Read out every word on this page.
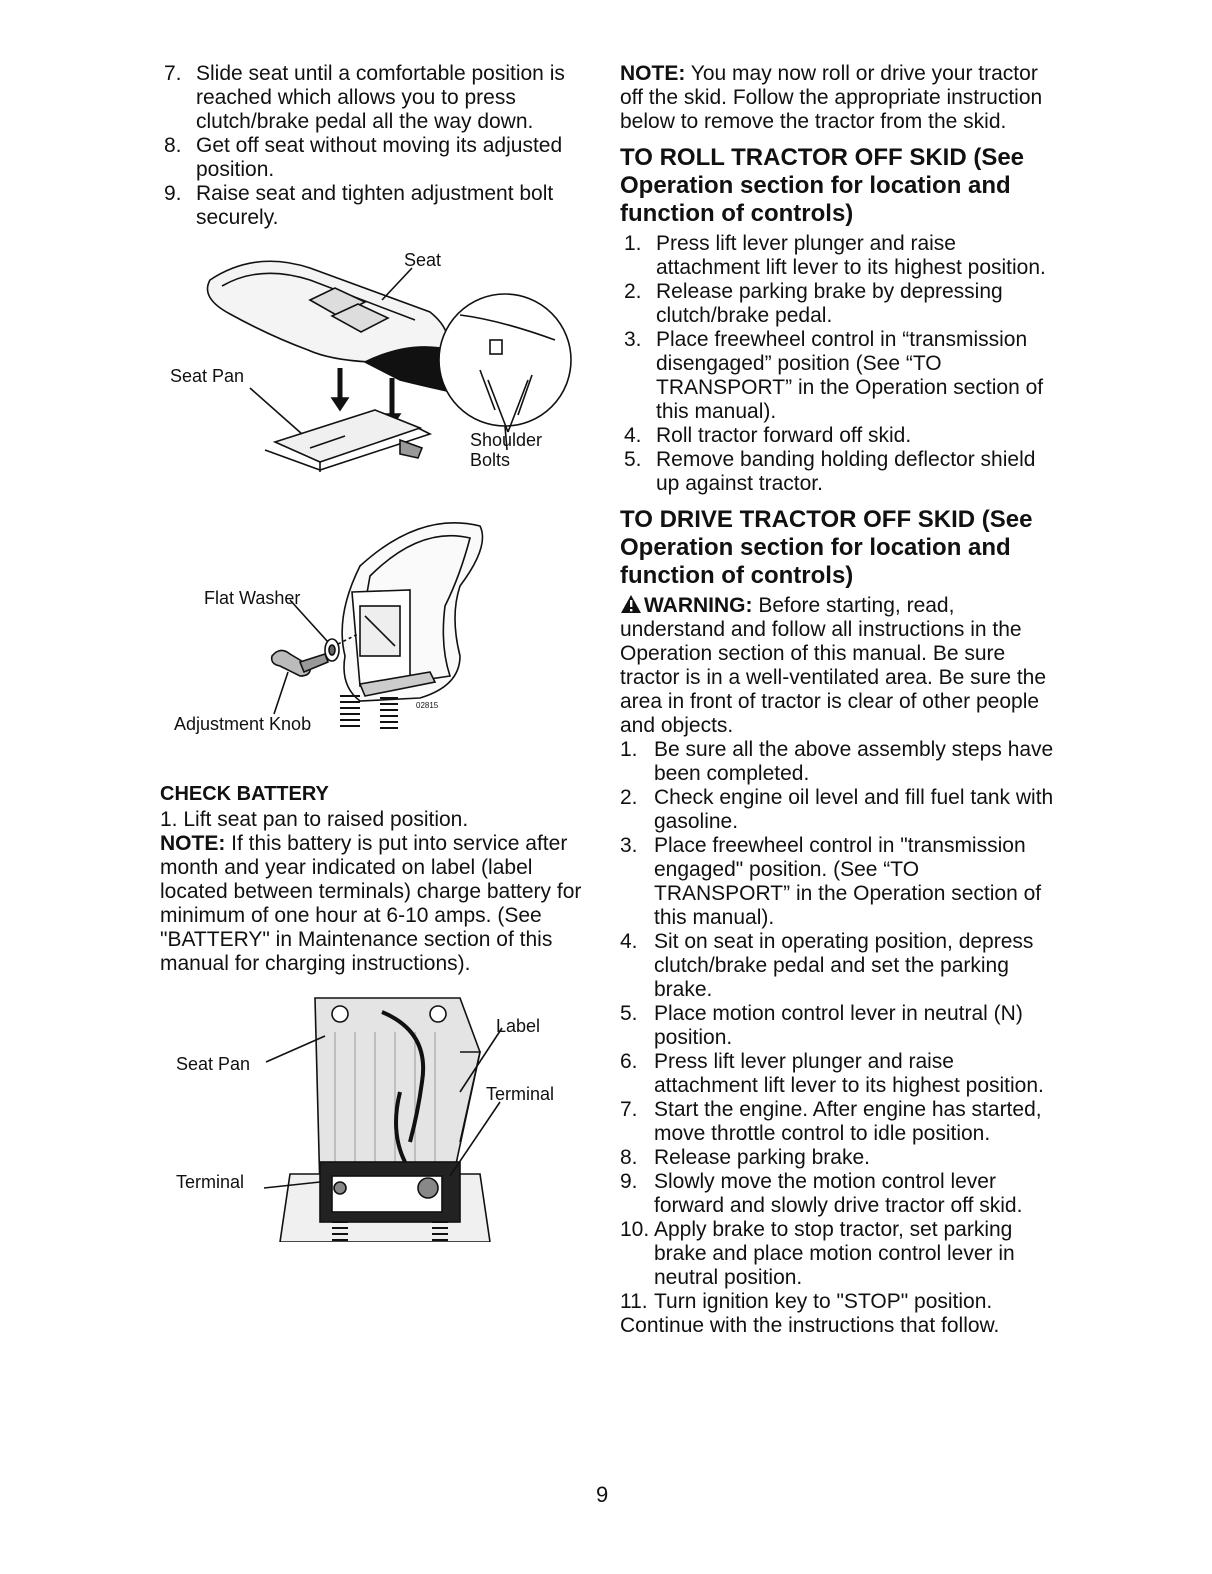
7. Slide seat until a comfortable position is reached which allows you to press clutch/brake pedal all the way down.
8. Get off seat without moving its adjusted position.
9. Raise seat and tighten adjustment bolt securely.
Seat
Seat Pan
Shoulder
Bolts
02815
Flat Washer
Adjustment Knob
CHECK BATTERY

1. Lift seat pan to raised position.

NOTE: If this battery is put into service after month and year indicated on label (label located between terminals) charge battery for minimum of one hour at 6-10 amps. (See "BATTERY" in Maintenance section of this manual for charging instructions).

Seat Pan
Label
Terminal
Terminal

NOTE: You may now roll or drive your tractor off the skid. Follow the appropriate instruction below to remove the tractor from the skid.

TO ROLL TRACTOR OFF SKID (See Operation section for location and function of controls)
1. Press lift lever plunger and raise attachment lift lever to its highest position.
2. Release parking brake by depressing clutch/brake pedal.
3. Place freewheel control in “transmission disengaged” position (See “TO TRANSPORT” in the Operation section of this manual).
4. Roll tractor forward off skid.
5. Remove banding holding deflector shield up against tractor.
TO DRIVE TRACTOR OFF SKID (See Operation section for location and function of controls)

WARNING: Before starting, read, understand and follow all instructions in the Operation section of this manual. Be sure tractor is in a well-ventilated area. Be sure the area in front of tractor is clear of other people and objects.

1. Be sure all the above assembly steps have been completed.
2. Check engine oil level and fill fuel tank with gasoline.
3. Place freewheel control in "transmission engaged" position. (See “TO TRANSPORT” in the Operation section of this manual).
4. Sit on seat in operating position, depress clutch/brake pedal and set the parking brake.
5. Place motion control lever in neutral (N) position.
6. Press lift lever plunger and raise attachment lift lever to its highest position.
7. Start the engine. After engine has started, move throttle control to idle position.
8. Release parking brake.
9. Slowly move the motion control lever forward and slowly drive tractor off skid.
10. Apply brake to stop tractor, set parking brake and place motion control lever in neutral position.
11. Turn ignition key to "STOP" position.

Continue with the instructions that follow.

9
